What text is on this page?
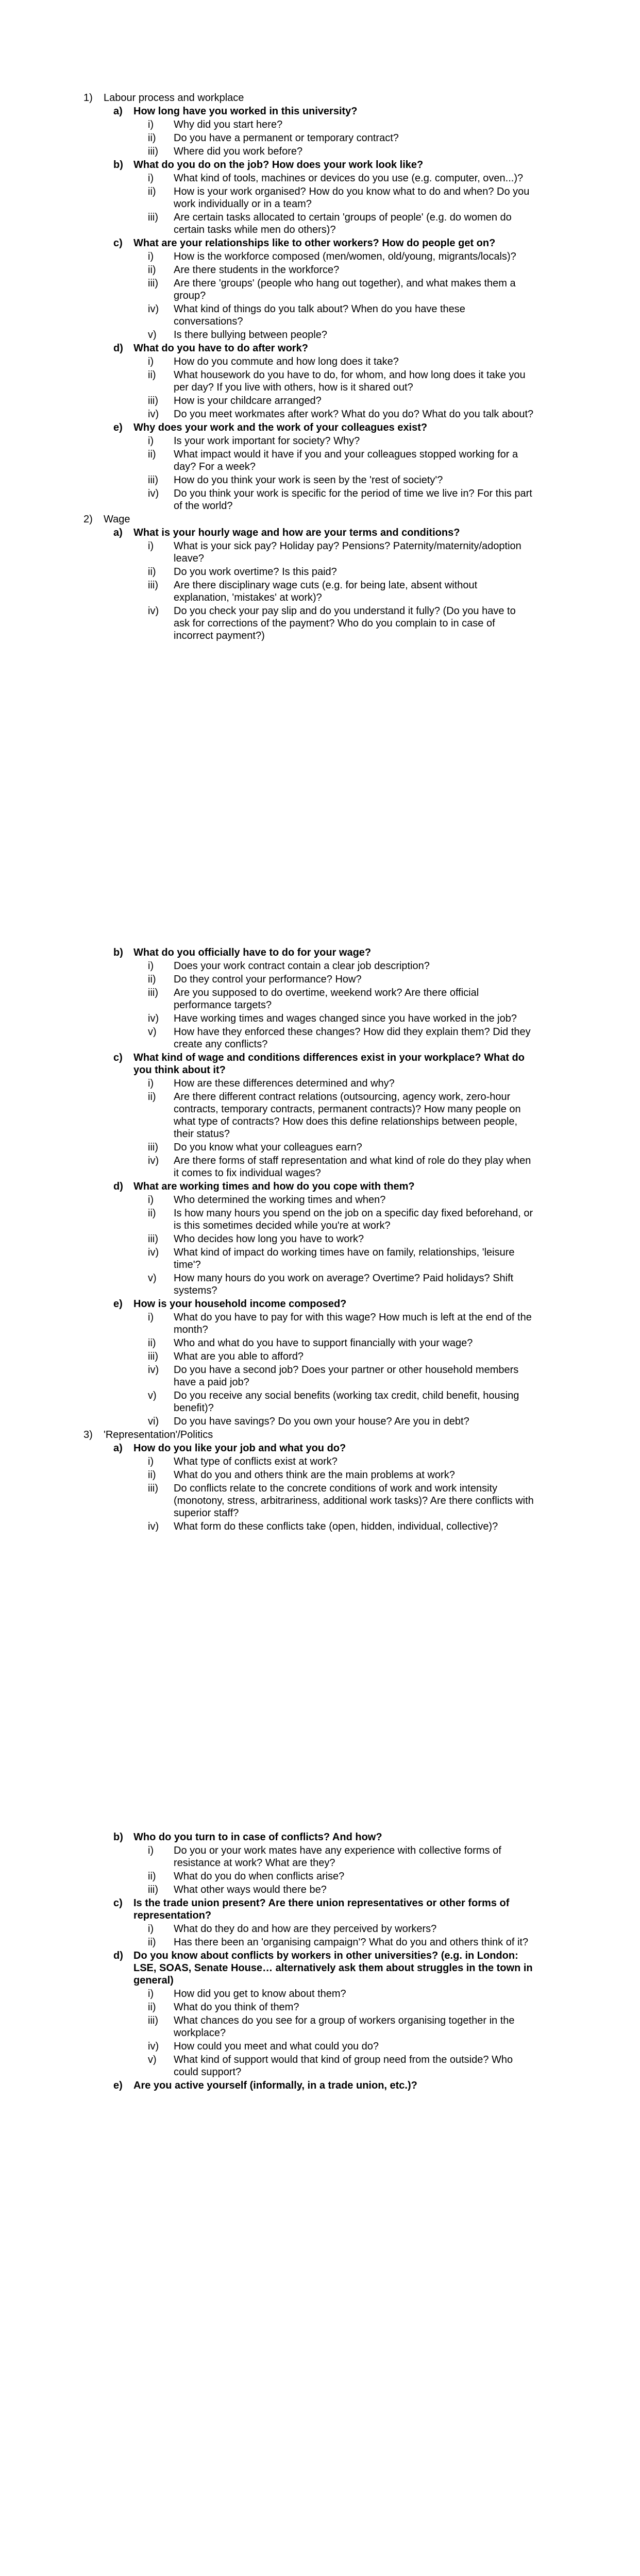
1)	Labour process and workplace
a)	How long have you worked in this university?
i)	Why did you start here?
ii)	Do you have a permanent or temporary contract?
iii)	Where did you work before?
b)	What do you do on the job? How does your work look like?
i)	What kind of tools, machines or devices do you use (e.g. computer, oven...)?
ii)	How is your work organised? How do you know what to do and when? Do you work individually or in a team?
iii)	Are certain tasks allocated to certain 'groups of people' (e.g. do women do certain tasks while men do others)?
c)	What are your relationships like to other workers? How do people get on?
i)	How is the workforce composed (men/women, old/young, migrants/locals)?
ii)	Are there students in the workforce?
iii)	Are there 'groups' (people who hang out together), and what makes them a group?
iv)	What kind of things do you talk about? When do you have these conversations?
v)	Is there bullying between people?
d)	What do you have to do after work?
i)	How do you commute and how long does it take?
ii)	What housework do you have to do, for whom, and how long does it take you per day? If you live with others, how is it shared out?
iii)	How is your childcare arranged?
iv)	Do you meet workmates after work? What do you do? What do you talk about?
e)	Why does your work and the work of your colleagues exist?
i)	Is your work important for society? Why?
ii)	What impact would it have if you and your colleagues stopped working for a day? For a week?
iii)	How do you think your work is seen by the 'rest of society'?
iv)	Do you think your work is specific for the period of time we live in? For this part of the world?
2)	Wage
a)	What is your hourly wage and how are your terms and conditions?
i)	What is your sick pay? Holiday pay? Pensions? Paternity/maternity/adoption leave?
ii)	Do you work overtime? Is this paid?
iii)	Are there disciplinary wage cuts (e.g. for being late, absent without explanation, 'mistakes' at work)?
iv)	Do you check your pay slip and do you understand it fully? (Do you have to ask for corrections of the payment? Who do you complain to in case of incorrect payment?)
b)	What do you officially have to do for your wage?
i)	Does your work contract contain a clear job description?
ii)	Do they control your performance? How?
iii)	Are you supposed to do overtime, weekend work? Are there official performance targets?
iv)	Have working times and wages changed since you have worked in the job?
v)	How have they enforced these changes? How did they explain them? Did they create any conflicts?
c)	What kind of wage and conditions differences exist in your workplace? What do you think about it?
i)	How are these differences determined and why?
ii)	Are there different contract relations (outsourcing, agency work, zero-hour contracts, temporary contracts, permanent contracts)? How many people on what type of contracts? How does this define relationships between people, their status?
iii)	Do you know what your colleagues earn?
iv)	Are there forms of staff representation and what kind of role do they play when it comes to fix individual wages?
d)	What are working times and how do you cope with them?
i)	Who determined the working times and when?
ii)	Is how many hours you spend on the job on a specific day fixed beforehand, or is this sometimes decided while you're at work?
iii)	Who decides how long you have to work?
iv)	What kind of impact do working times have on family, relationships, 'leisure time'?
v)	How many hours do you work on average? Overtime? Paid holidays? Shift systems?
e)	How is your household income composed?
i)	What do you have to pay for with this wage? How much is left at the end of the month?
ii)	Who and what do you have to support financially with your wage?
iii)	What are you able to afford?
iv)	Do you have a second job? Does your partner or other household members have a paid job?
v)	Do you receive any social benefits (working tax credit, child benefit, housing benefit)?
vi)	Do you have savings? Do you own your house? Are you in debt?
3)	'Representation'/Politics
a)	How do you like your job and what you do?
i)	What type of conflicts exist at work?
ii)	What do you and others think are the main problems at work?
iii)	Do conflicts relate to the concrete conditions of work and work intensity (monotony, stress, arbitrariness, additional work tasks)? Are there conflicts with superior staff?
iv)	What form do these conflicts take (open, hidden, individual, collective)?
b)	Who do you turn to in case of conflicts? And how?
i)	Do you or your work mates have any experience with collective forms of resistance at work? What are they?
ii)	What do you do when conflicts arise?
iii)	What other ways would there be?
c)	Is the trade union present? Are there union representatives or other forms of representation?
i)	What do they do and how are they perceived by workers?
ii)	Has there been an 'organising campaign'? What do you and others think of it?
d)	Do you know about conflicts by workers in other universities? (e.g. in London: LSE, SOAS, Senate House… alternatively ask them about struggles in the town in general)
i)	How did you get to know about them?
ii)	What do you think of them?
iii)	What chances do you see for a group of workers organising together in the workplace?
iv)	How could you meet and what could you do?
v)	What kind of support would that kind of group need from the outside? Who could support?
e)	Are you active yourself (informally, in a trade union, etc.)?
